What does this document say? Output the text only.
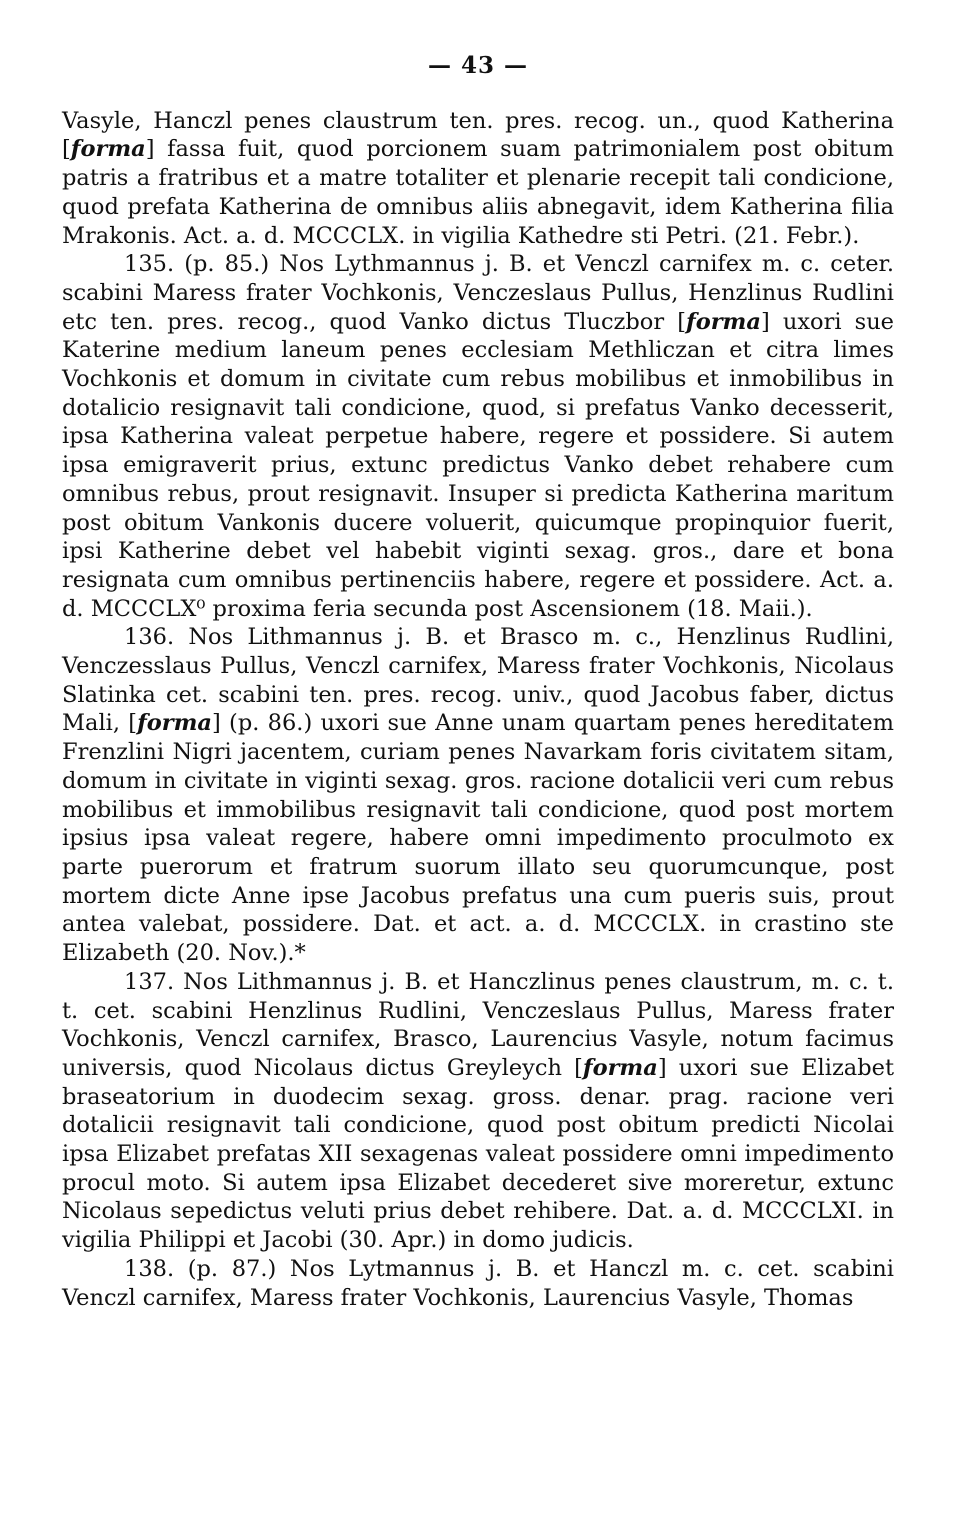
— 43 —

Vasyle, Hanczl penes claustrum ten. pres. recog. un., quod Katherina [forma] fassa fuit, quod porcionem suam patrimonialem post obitum patris a fratribus et a matre totaliter et plenarie recepit tali condicione, quod prefata Katherina de omnibus aliis abnegavit, idem Katherina filia Mrakonis. Act. a. d. MCCCLX. in vigilia Kathedre sti Petri. (21. Febr.).

135. (p. 85.) Nos Lythmannus j. B. et Venczl carnifex m. c. ceter. scabini Maress frater Vochkonis, Venczeslaus Pullus, Henzlinus Rudlini etc ten. pres. recog., quod Vanko dictus Tluczbor [forma] uxori sue Katerine medium laneum penes ecclesiam Methliczan et citra limes Vochkonis et domum in civitate cum rebus mobilibus et inmobilibus in dotalicio resignavit tali condicione, quod, si prefatus Vanko decesserit, ipsa Katherina valeat perpetue habere, regere et possidere. Si autem ipsa emigraverit prius, extunc predictus Vanko debet rehabere cum omnibus rebus, prout resignavit. Insuper si predicta Katherina maritum post obitum Vankonis ducere voluerit, quicumque propinquior fuerit, ipsi Katherine debet vel habebit viginti sexag. gros., dare et bona resignata cum omnibus pertinenciis habere, regere et possidere. Act. a. d. MCCCLX⁰ proxima feria secunda post Ascensionem (18. Maii.).

136. Nos Lithmannus j. B. et Brasco m. c., Henzlinus Rudlini, Venczesslaus Pullus, Venczl carnifex, Maress frater Vochkonis, Nicolaus Slatinka cet. scabini ten. pres. recog. univ., quod Jacobus faber, dictus Mali, [forma] (p. 86.) uxori sue Anne unam quartam penes hereditatem Frenzlini Nigri jacentem, curiam penes Navarkam foris civitatem sitam, domum in civitate in viginti sexag. gros. racione dotalicii veri cum rebus mobilibus et immobilibus resignavit tali condicione, quod post mortem ipsius ipsa valeat regere, habere omni impedimento proculmoto ex parte puerorum et fratrum suorum illato seu quorumcunque, post mortem dicte Anne ipse Jacobus prefatus una cum pueris suis, prout antea valebat, possidere. Dat. et act. a. d. MCCCLX. in crastino ste Elizabeth (20. Nov.).*

137. Nos Lithmannus j. B. et Hanczlinus penes claustrum, m. c. t. t. cet. scabini Henzlinus Rudlini, Venczeslaus Pullus, Maress frater Vochkonis, Venczl carnifex, Brasco, Laurencius Vasyle, notum facimus universis, quod Nicolaus dictus Greyleych [forma] uxori sue Elizabet braseatorium in duodecim sexag. gross. denar. prag. racione veri dotalicii resignavit tali condicione, quod post obitum predicti Nicolai ipsa Elizabet prefatas XII sexagenas valeat possidere omni impedimento procul moto. Si autem ipsa Elizabet decederet sive moreretur, extunc Nicolaus sepedictus veluti prius debet rehibere. Dat. a. d. MCCCLXI. in vigilia Philippi et Jacobi (30. Apr.) in domo judicis.

138. (p. 87.) Nos Lytmannus j. B. et Hanczl m. c. cet. scabini Venczl carnifex, Maress frater Vochkonis, Laurencius Vasyle, Thomas
